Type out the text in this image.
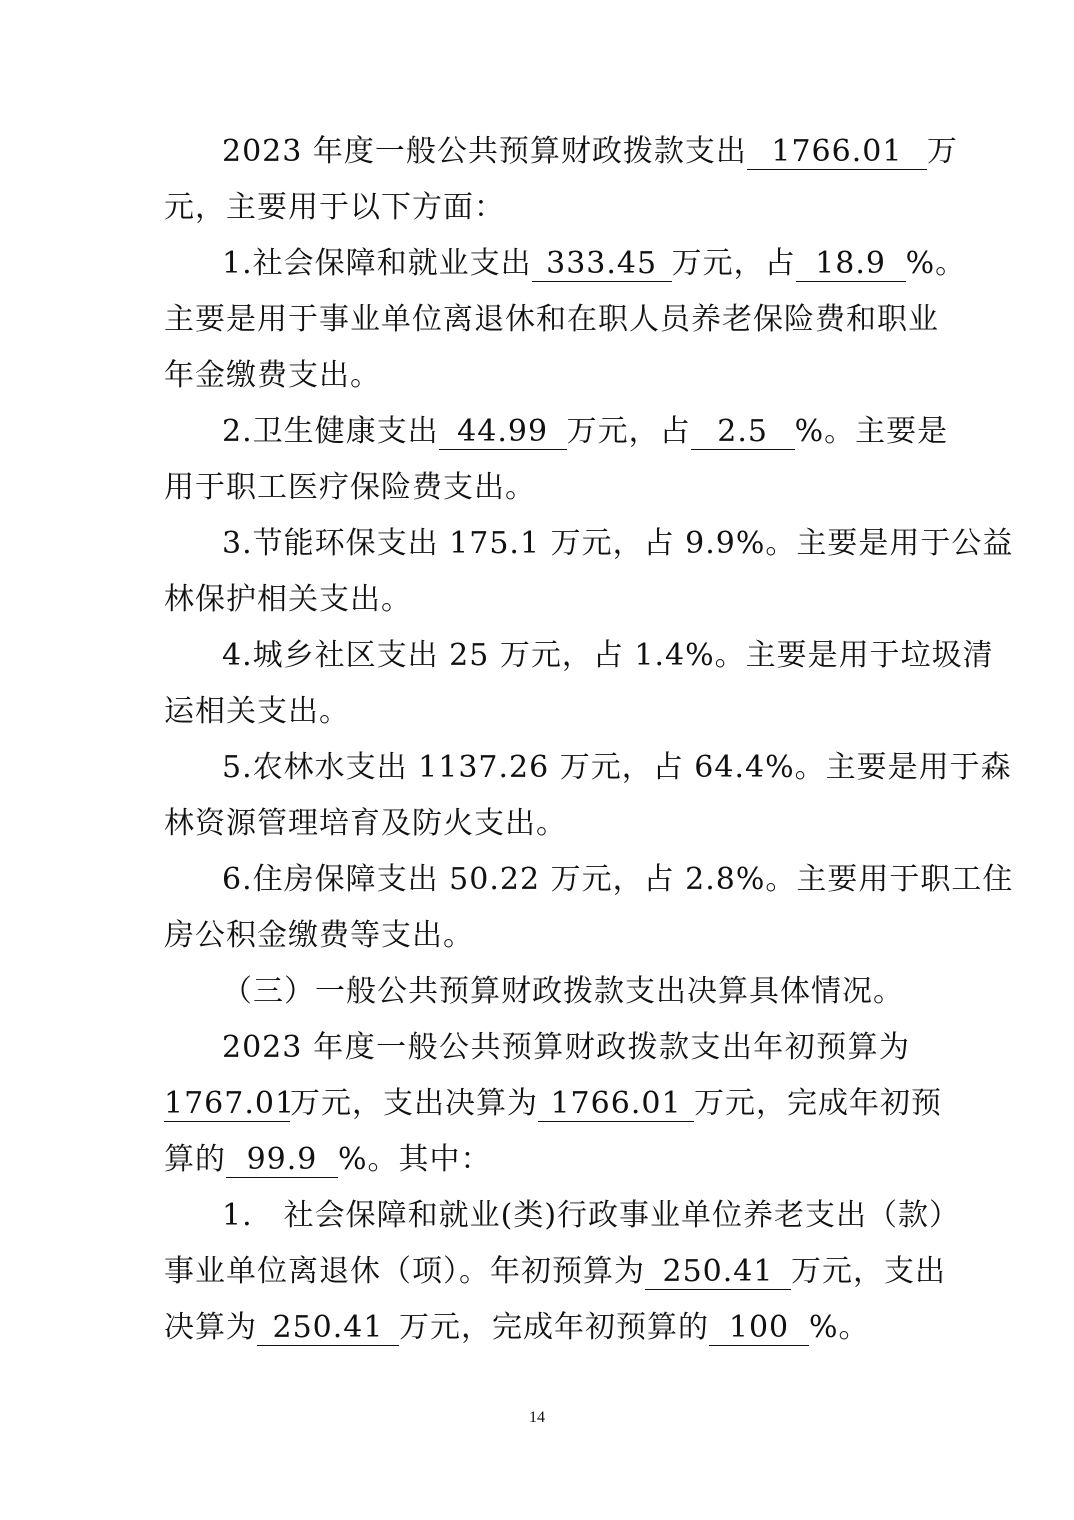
2023 年度一般公共预算财政拨款支出 1766.01 万
元，主要用于以下方面：
1.社会保障和就业支出 333.45 万元，占 18.9 %。
主要是用于事业单位离退休和在职人员养老保险费和职业
年金缴费支出。
2.卫生健康支出 44.99 万元，占 2.5 %。主要是
用于职工医疗保险费支出。
3.节能环保支出 175.1 万元，占 9.9%。主要是用于公益
林保护相关支出。
4.城乡社区支出 25 万元，占 1.4%。主要是用于垃圾清
运相关支出。
5.农林水支出 1137.26 万元，占 64.4%。主要是用于森
林资源管理培育及防火支出。
6.住房保障支出 50.22 万元，占 2.8%。主要用于职工住
房公积金缴费等支出。
（三）一般公共预算财政拨款支出决算具体情况。
2023 年度一般公共预算财政拨款支出年初预算为
1767.01万元，支出决算为 1766.01 万元，完成年初预
算的 99.9 %。其中：
1.　社会保障和就业(类)行政事业单位养老支出（款）
事业单位离退休（项）。年初预算为 250.41 万元，支出
决算为 250.41 万元，完成年初预算的 100 %。
14
